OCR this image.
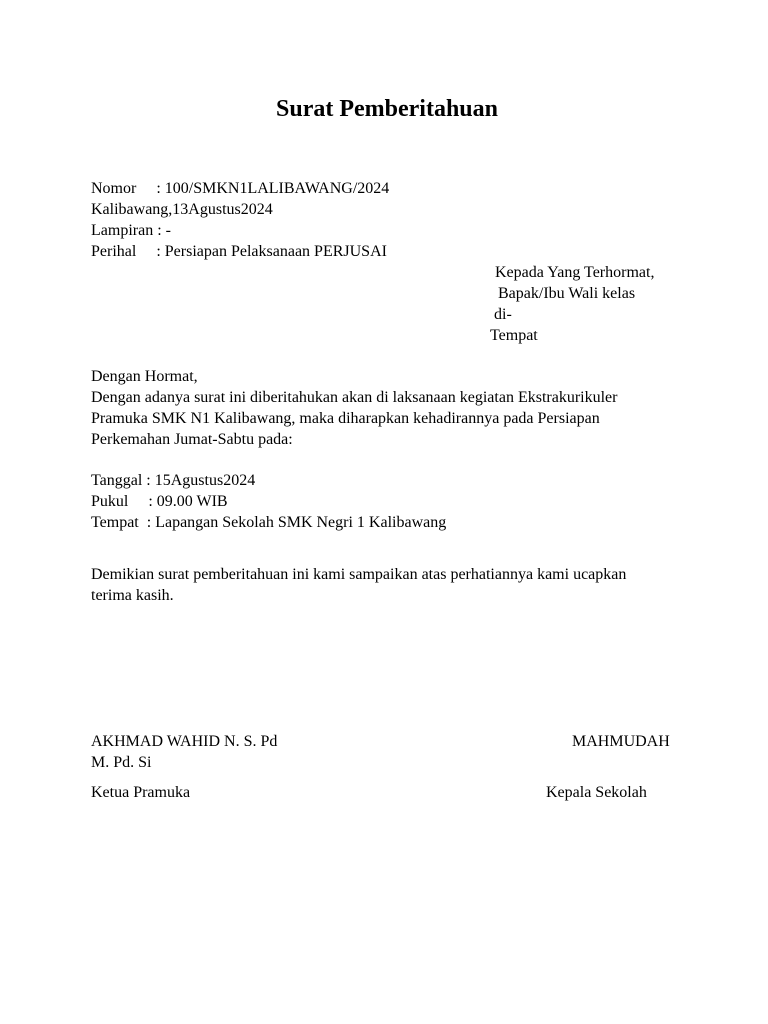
Surat Pemberitahuan
Nomor     : 100/SMKN1LALIBAWANG/2024
Kalibawang,13Agustus2024
Lampiran : -
Perihal     : Persiapan Pelaksanaan PERJUSAI
Kepada Yang Terhormat,
Bapak/Ibu Wali kelas
di-
Tempat
Dengan Hormat,
Dengan adanya surat ini diberitahukan akan di laksanaan kegiatan Ekstrakurikuler
Pramuka SMK N1 Kalibawang, maka diharapkan kehadirannya pada Persiapan
Perkemahan Jumat-Sabtu pada:
Tanggal : 15Agustus2024
Pukul     : 09.00 WIB
Tempat  : Lapangan Sekolah SMK Negri 1 Kalibawang
Demikian surat pemberitahuan ini kami sampaikan atas perhatiannya kami ucapkan
terima kasih.
AKHMAD WAHID N. S. Pd	MAHMUDAH
M. Pd. Si
Ketua Pramuka	Kepala Sekolah
